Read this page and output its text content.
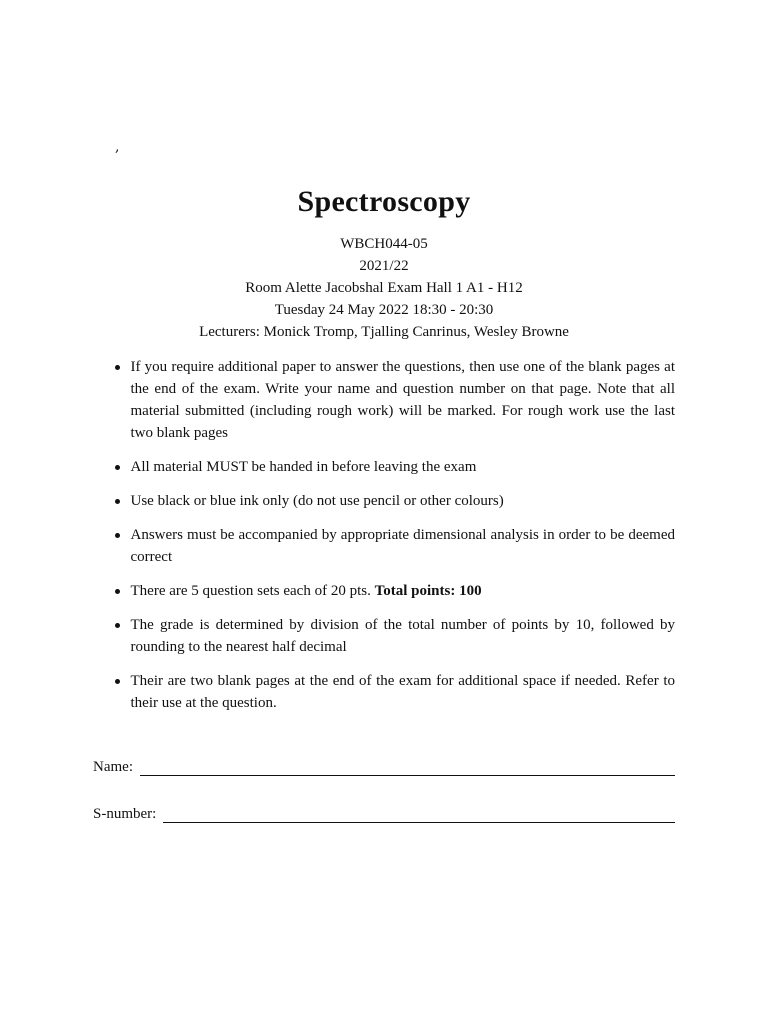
,
Spectroscopy
WBCH044-05
2021/22
Room Alette Jacobshal Exam Hall 1 A1 - H12
Tuesday 24 May 2022 18:30 - 20:30
Lecturers: Monick Tromp, Tjalling Canrinus, Wesley Browne
If you require additional paper to answer the questions, then use one of the blank pages at the end of the exam. Write your name and question number on that page. Note that all material submitted (including rough work) will be marked. For rough work use the last two blank pages
All material MUST be handed in before leaving the exam
Use black or blue ink only (do not use pencil or other colours)
Answers must be accompanied by appropriate dimensional analysis in order to be deemed correct
There are 5 question sets each of 20 pts. Total points: 100
The grade is determined by division of the total number of points by 10, followed by rounding to the nearest half decimal
Their are two blank pages at the end of the exam for additional space if needed. Refer to their use at the question.
Name:
S-number:
